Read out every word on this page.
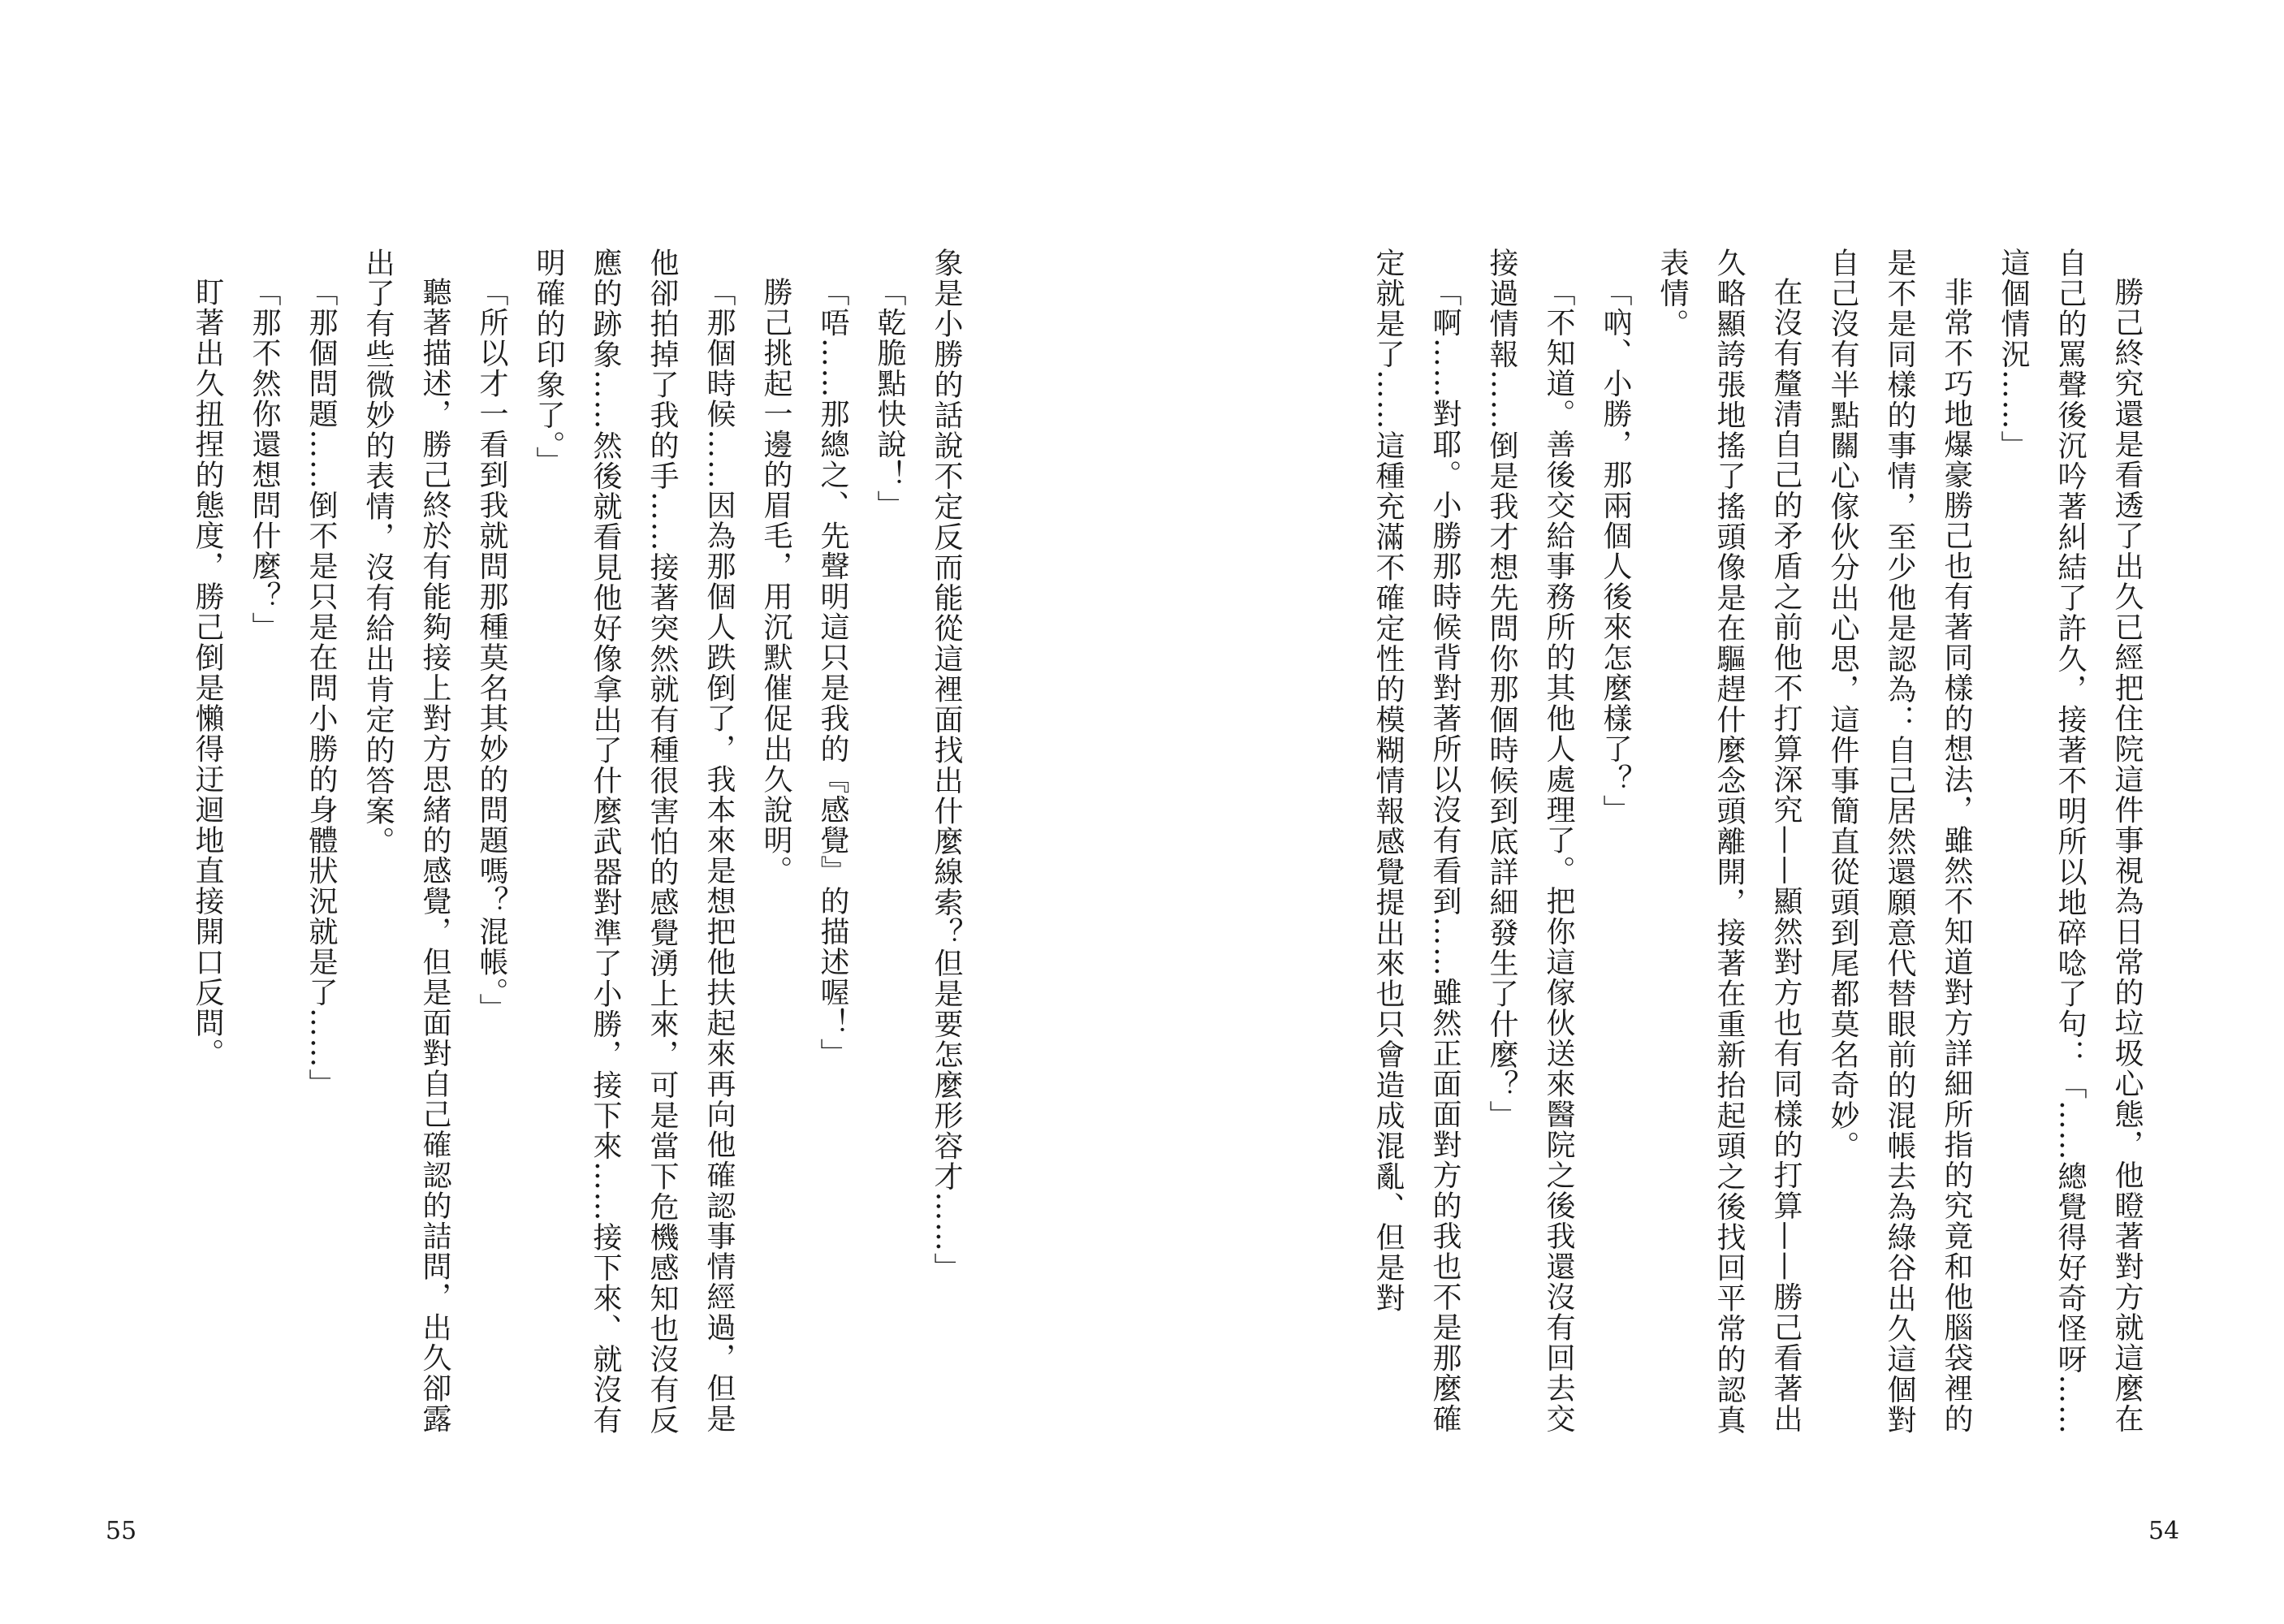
象是小勝的話說不定反而能從這裡面找出什麼線索？但是要怎麼形容才……」

「乾脆點快說！」

「唔……那總之、先聲明這只是我的『感覺』的描述喔！」

勝己挑起一邊的眉毛，用沉默催促出久說明。

「那個時候……因為那個人跌倒了，我本來是想把他扶起來再向他確認事情經過，但是他卻拍掉了我的手……接著突然就有種很害怕的感覺湧上來，可是當下危機感知也沒有反應的跡象……然後就看見他好像拿出了什麼武器對準了小勝，接下來……接下來、就沒有明確的印象了。」

「所以才一看到我就問那種莫名其妙的問題嗎？混帳。」

聽著描述，勝己終於有能夠接上對方思緒的感覺，但是面對自己確認的詰問，出久卻露出了有些微妙的表情，沒有給出肯定的答案。

「那個問題……倒不是只是在問小勝的身體狀況就是了……」

「那不然你還想問什麼？」

盯著出久扭捏的態度，勝己倒是懶得迂迴地直接開口反問。

55

勝己終究還是看透了出久已經把住院這件事視為日常的垃圾心態，他瞪著對方就這麼在自己的罵聲後沉吟著糾結了許久，接著不明所以地碎唸了句：「……總覺得好奇怪呀……這個情況……」

非常不巧地爆豪勝己也有著同樣的想法，雖然不知道對方詳細所指的究竟和他腦袋裡的是不是同樣的事情，至少他是認為：自己居然還願意代替眼前的混帳去為綠谷出久這個對自己沒有半點關心傢伙分出心思，這件事簡直從頭到尾都莫名奇妙。

在沒有釐清自己的矛盾之前他不打算深究——顯然對方也有同樣的打算——勝己看著出久略顯誇張地搖了搖頭像是在驅趕什麼念頭離開，接著在重新抬起頭之後找回平常的認真表情。

「吶、小勝，那兩個人後來怎麼樣了？」

「不知道。善後交給事務所的其他人處理了。把你這傢伙送來醫院之後我還沒有回去交接過情報……倒是我才想先問你那個時候到底詳細發生了什麼？」

「啊……對耶。小勝那時候背對著所以沒有看到……雖然正面面對方的我也不是那麼確定就是了……這種充滿不確定性的模糊情報感覺提出來也只會造成混亂、但是對

54
